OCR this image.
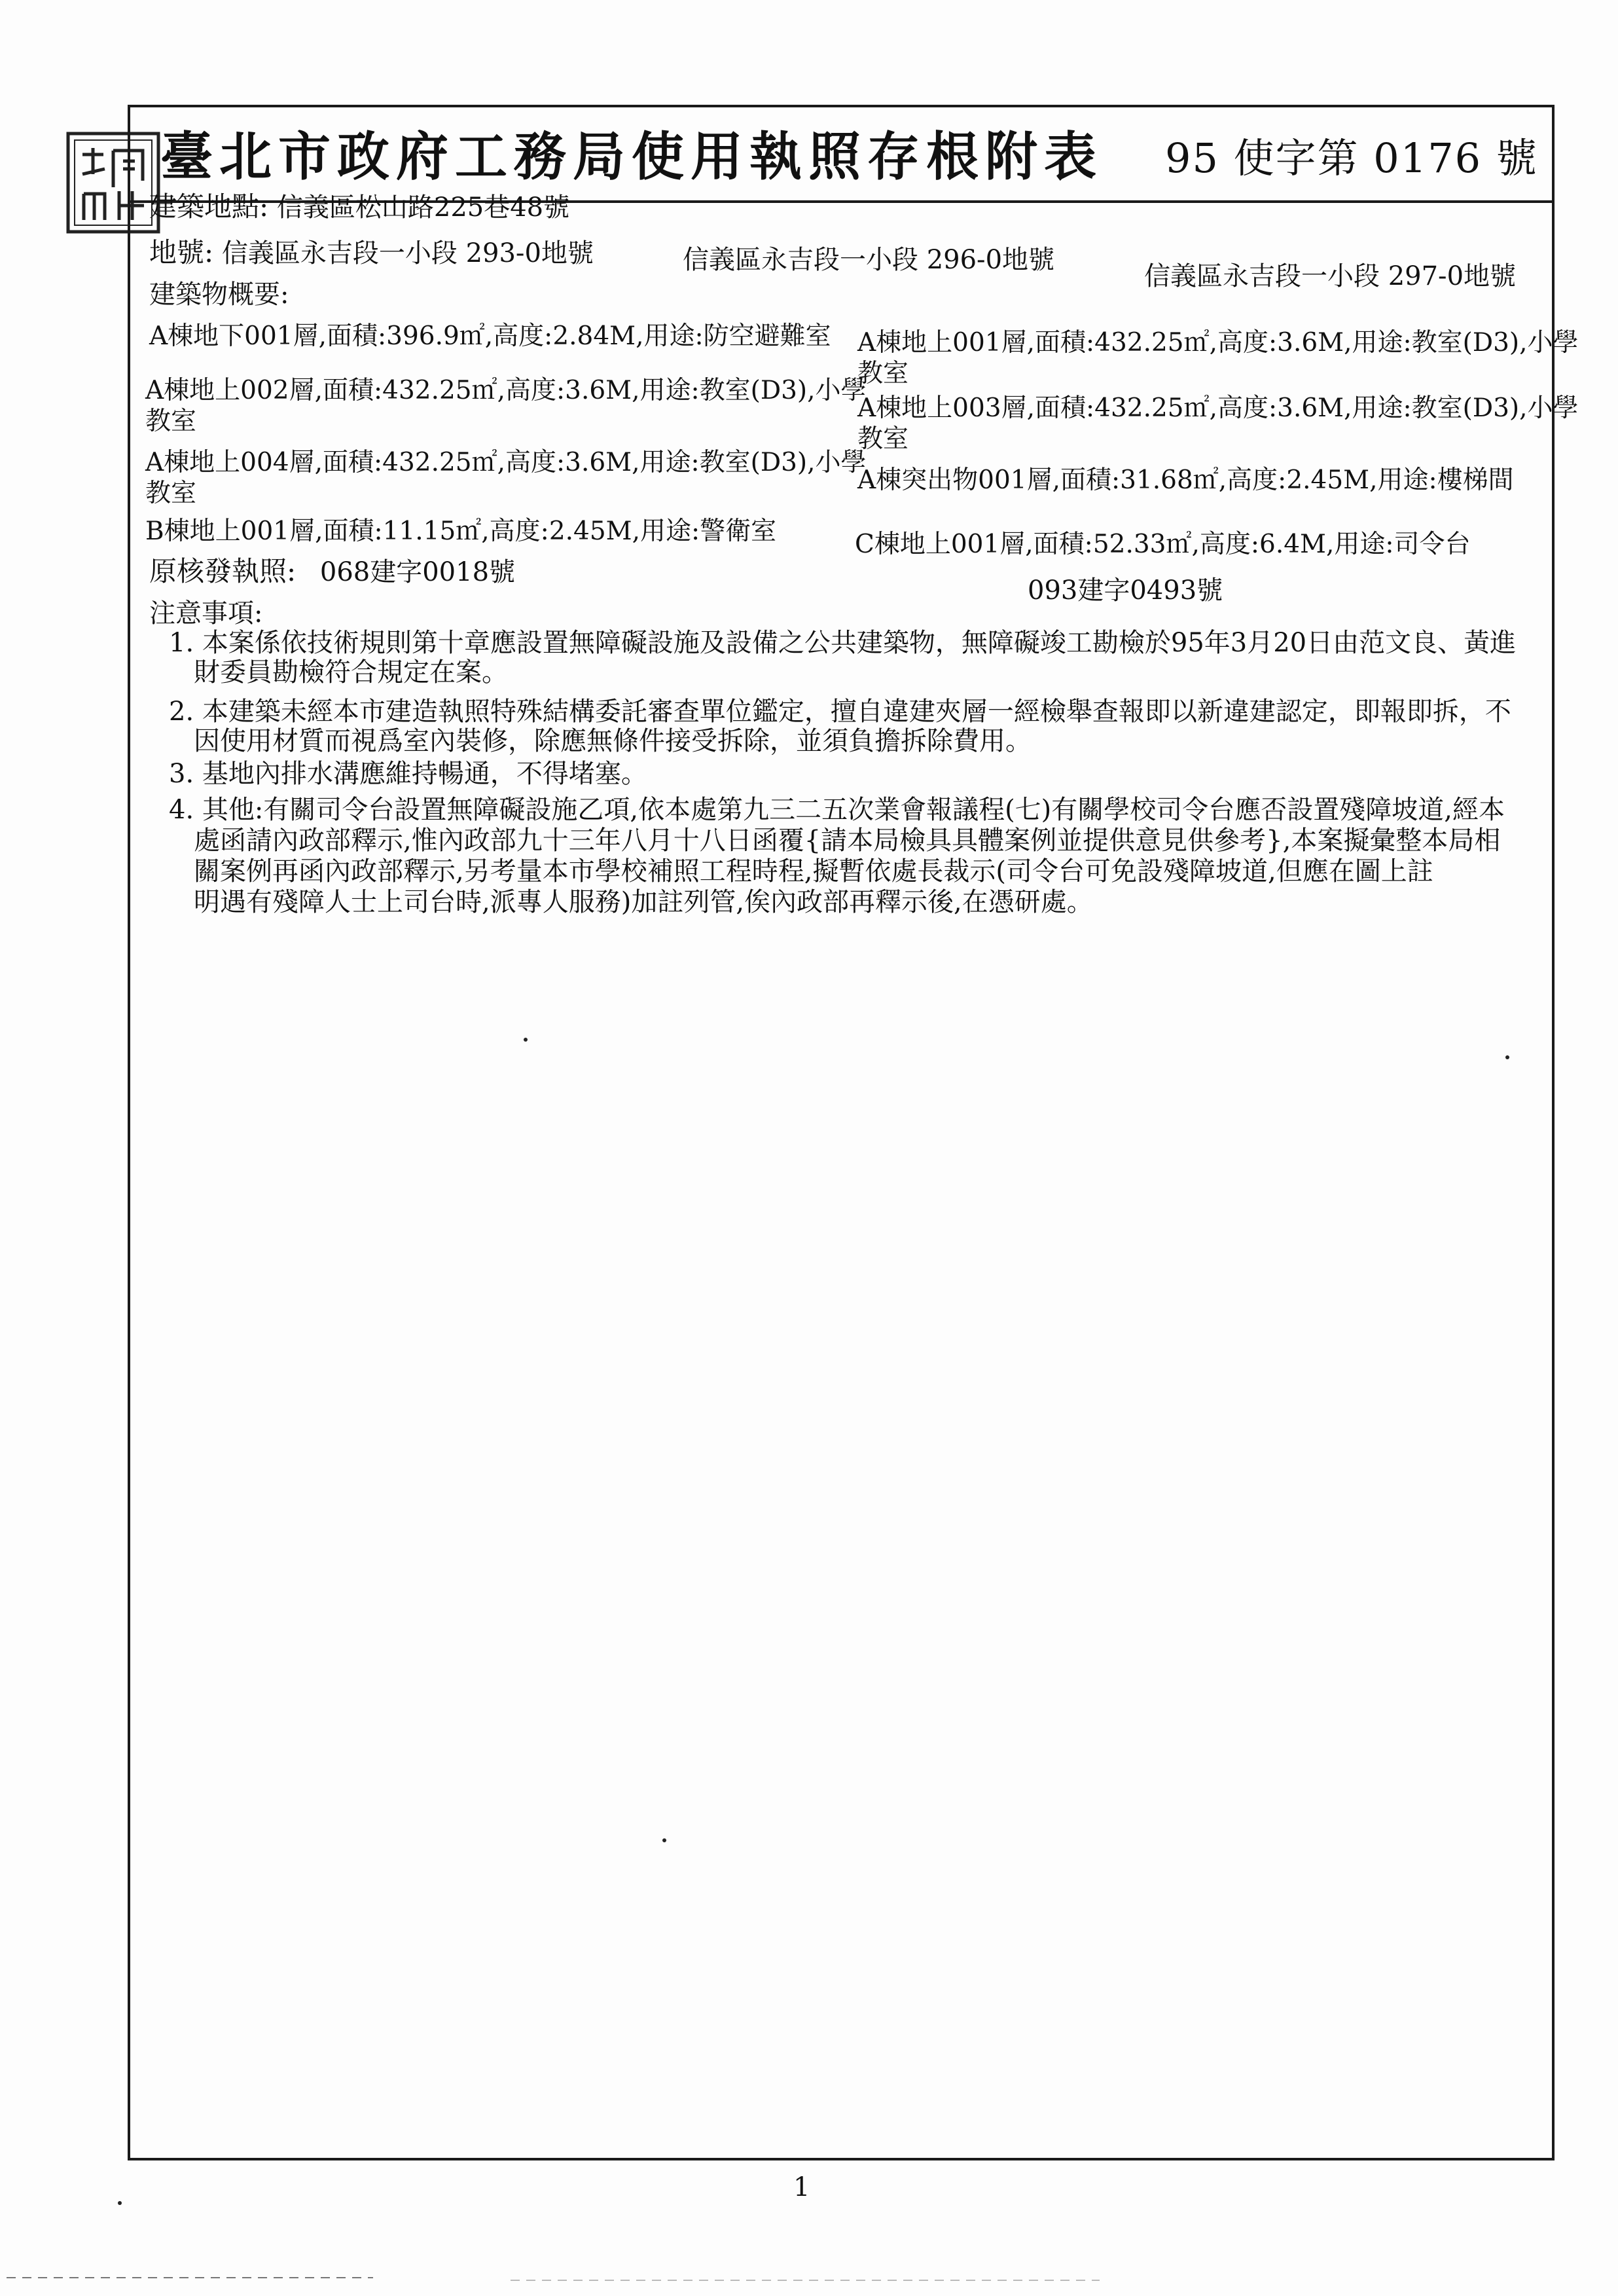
臺北市政府工務局使用執照存根附表 95 使字第 0176 號
建築地點: 信義區松山路225巷48號
地號: 信義區永吉段一小段 293-0地號	信義區永吉段一小段 296-0地號
信義區永吉段一小段 297-0地號
建築物概要:
A棟地下001層,面積:396.9㎡,高度:2.84M,用途:防空避難室
A棟地上002層,面積:432.25㎡,高度:3.6M,用途:教室(D3),小學
教室
A棟地上004層,面積:432.25㎡,高度:3.6M,用途:教室(D3),小學
教室
B棟地上001層,面積:11.15㎡,高度:2.45M,用途:警衛室
A棟地上001層,面積:432.25㎡,高度:3.6M,用途:教室(D3),小學
教室
A棟地上003層,面積:432.25㎡,高度:3.6M,用途:教室(D3),小學
教室
A棟突出物001層,面積:31.68㎡,高度:2.45M,用途:樓梯間
C棟地上001層,面積:52.33㎡,高度:6.4M,用途:司令台
原核發執照: 068建字0018號
093建字0493號
注意事項:
1. 本案係依技術規則第十章應設置無障礙設施及設備之公共建築物，無障礙竣工勘檢於95年3月20日由范文良、黃進
財委員勘檢符合規定在案。
2. 本建築未經本市建造執照特殊結構委託審查單位鑑定，擅自違建夾層一經檢舉查報即以新違建認定，即報即拆，不
因使用材質而視爲室內裝修，除應無條件接受拆除，並須負擔拆除費用。
3. 基地內排水溝應維持暢通，不得堵塞。
4. 其他:有關司令台設置無障礙設施乙項,依本處第九三二五次業會報議程(七)有關學校司令台應否設置殘障坡道,經本
處函請內政部釋示,惟內政部九十三年八月十八日函覆{請本局檢具具體案例並提供意見供參考},本案擬彙整本局相
關案例再函內政部釋示,另考量本市學校補照工程時程,擬暫依處長裁示(司令台可免設殘障坡道,但應在圖上註
明遇有殘障人士上司台時,派專人服務)加註列管,俟內政部再釋示後,在憑研處。
1
